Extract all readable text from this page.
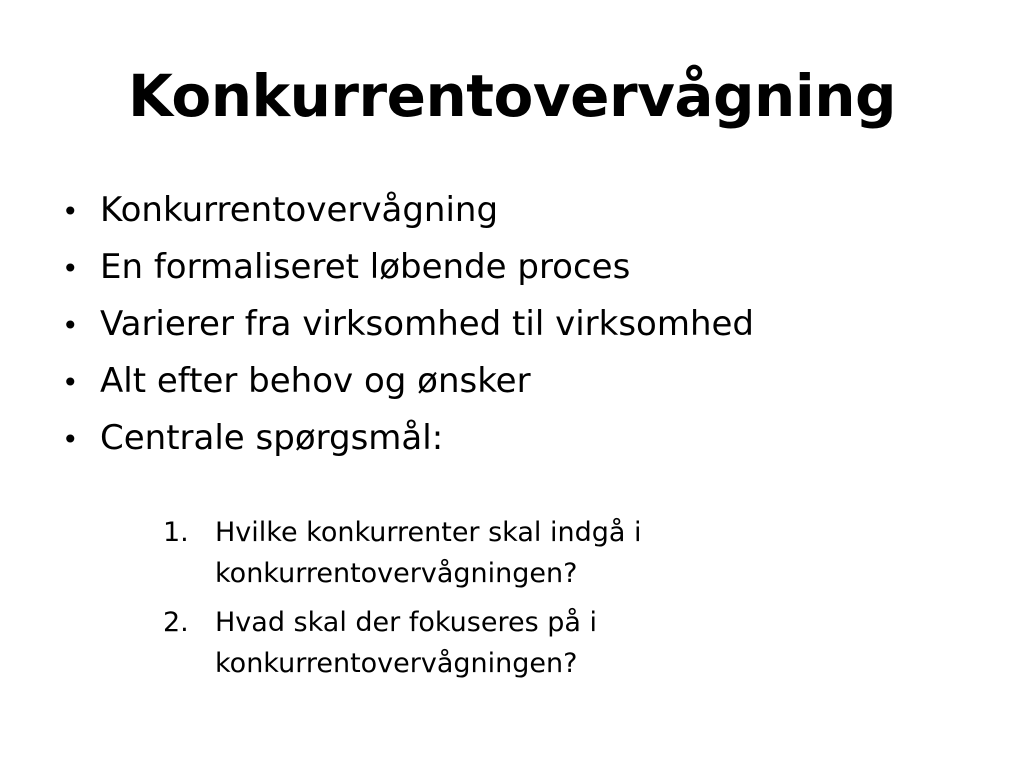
Konkurrentovervågning
• Konkurrentovervågning
• En formaliseret løbende proces
• Varierer fra virksomhed til virksomhed
• Alt efter behov og ønsker
• Centrale spørgsmål:
1. Hvilke konkurrenter skal indgå i
konkurrentovervågningen?
2. Hvad skal der fokuseres på i
konkurrentovervågningen?
